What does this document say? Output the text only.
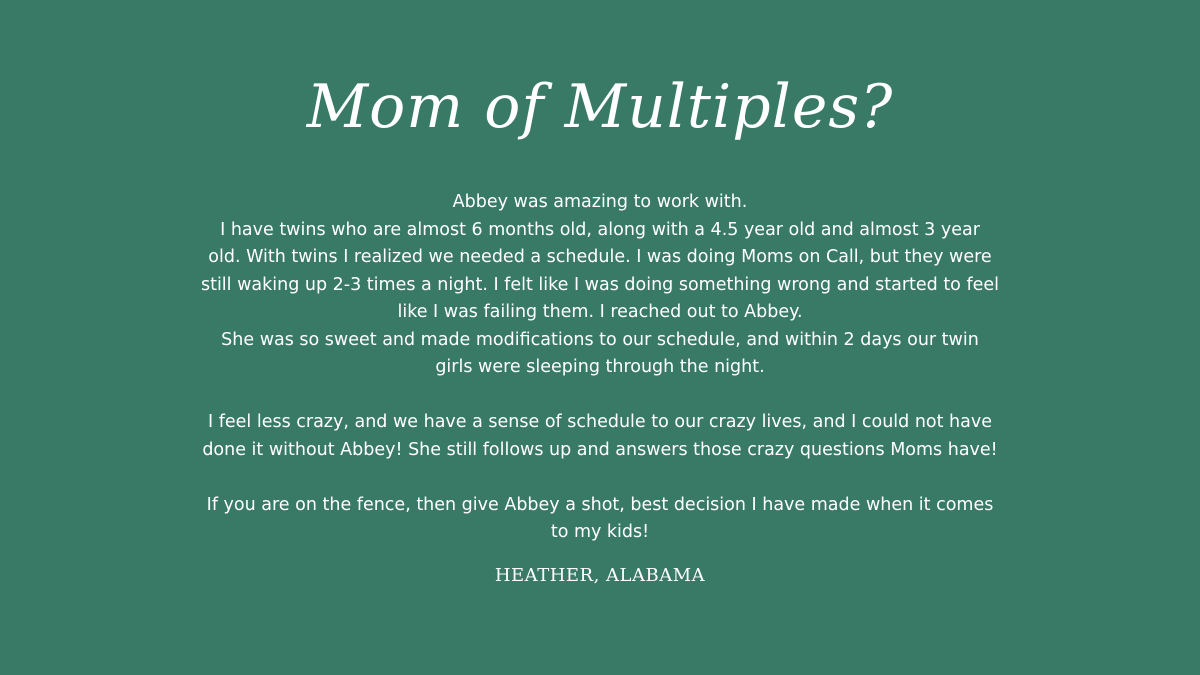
Mom of Multiples?

Abbey was amazing to work with.
I have twins who are almost 6 months old, along with a 4.5 year old and almost 3 year
old. With twins I realized we needed a schedule. I was doing Moms on Call, but they were
still waking up 2-3 times a night. I felt like I was doing something wrong and started to feel
like I was failing them. I reached out to Abbey.
She was so sweet and made modifications to our schedule, and within 2 days our twin
girls were sleeping through the night.

I feel less crazy, and we have a sense of schedule to our crazy lives, and I could not have
done it without Abbey! She still follows up and answers those crazy questions Moms have!

If you are on the fence, then give Abbey a shot, best decision I have made when it comes
to my kids!

HEATHER, ALABAMA
